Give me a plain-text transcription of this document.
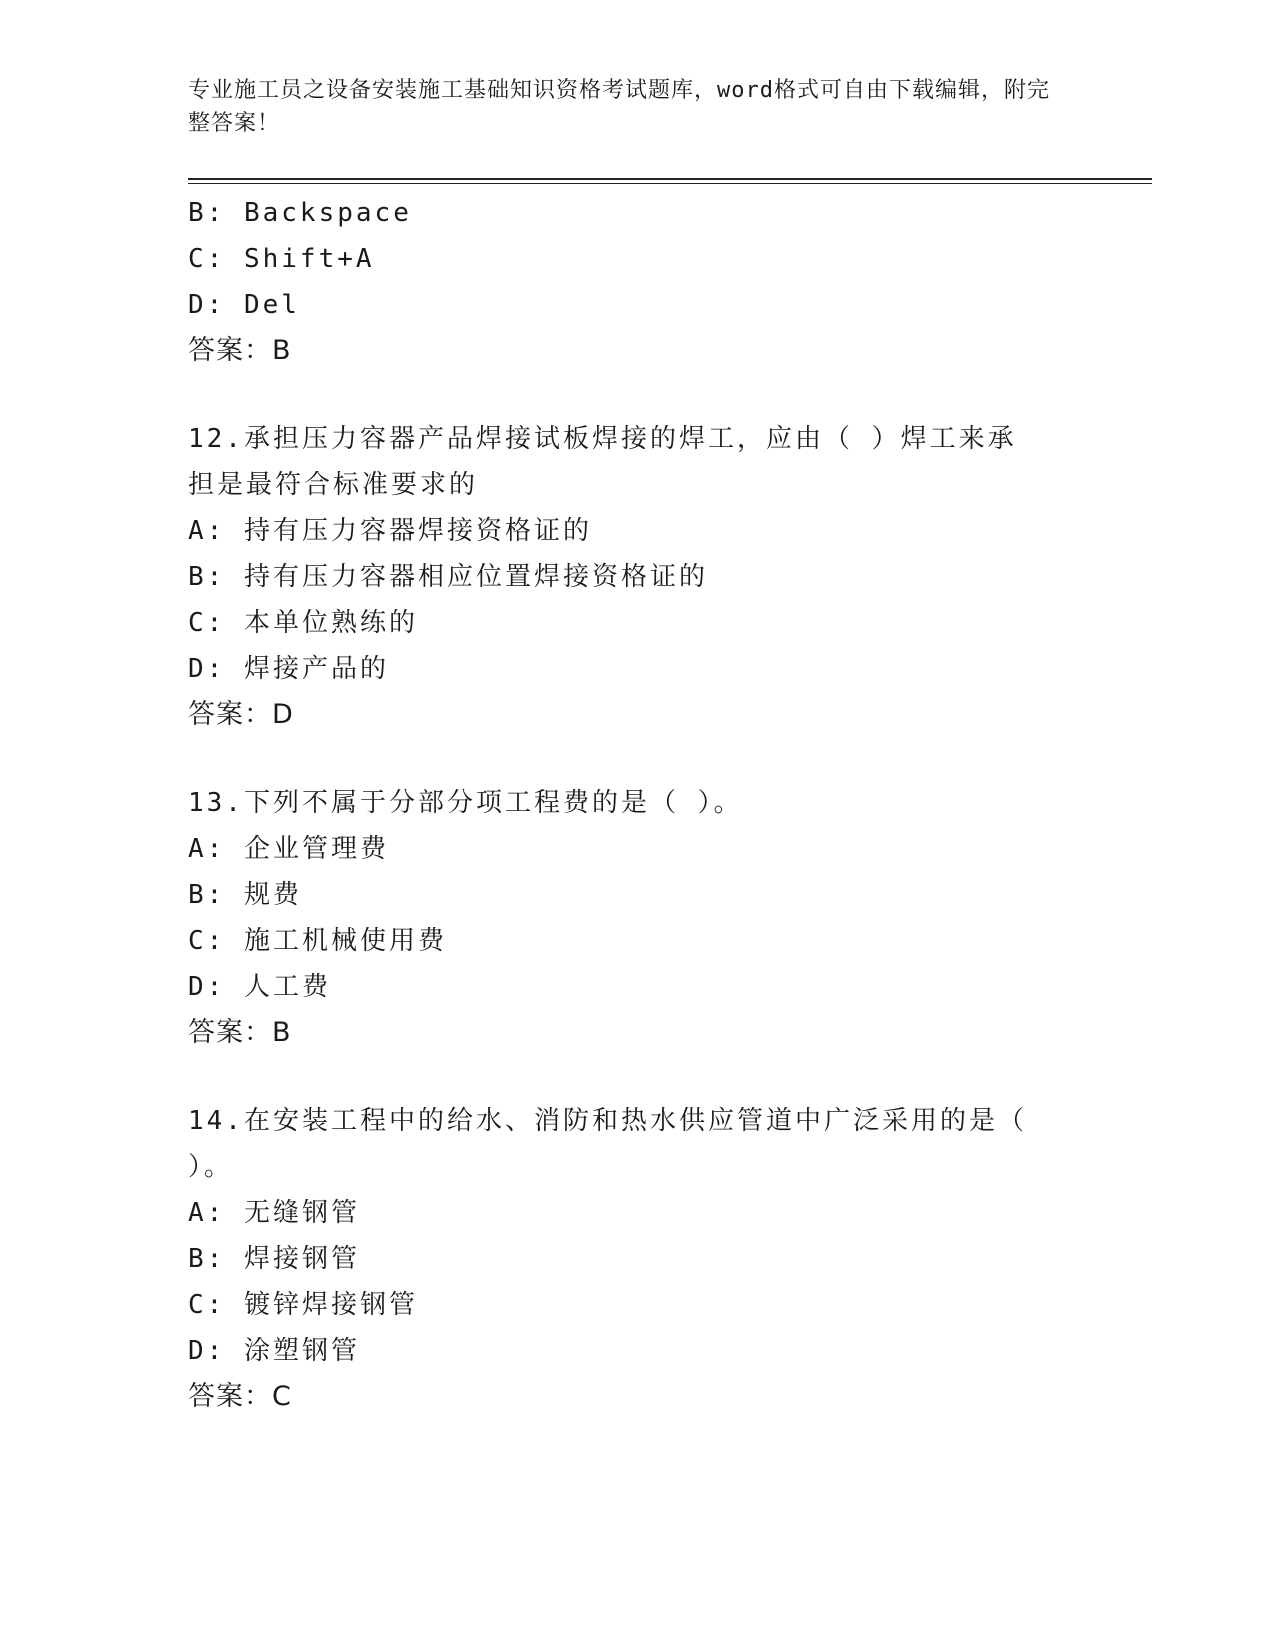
专业施工员之设备安装施工基础知识资格考试题库，word格式可自由下载编辑，附完整答案！
B: Backspace
C: Shift+A
D: Del
答案：B
12.承担压力容器产品焊接试板焊接的焊工，应由（ ）焊工来承担是最符合标准要求的
A: 持有压力容器焊接资格证的
B: 持有压力容器相应位置焊接资格证的
C: 本单位熟练的
D: 焊接产品的
答案：D
13.下列不属于分部分项工程费的是（ ）。
A: 企业管理费
B: 规费
C: 施工机械使用费
D: 人工费
答案：B
14.在安装工程中的给水、消防和热水供应管道中广泛采用的是（ ）。
A: 无缝钢管
B: 焊接钢管
C: 镀锌焊接钢管
D: 涂塑钢管
答案：C
